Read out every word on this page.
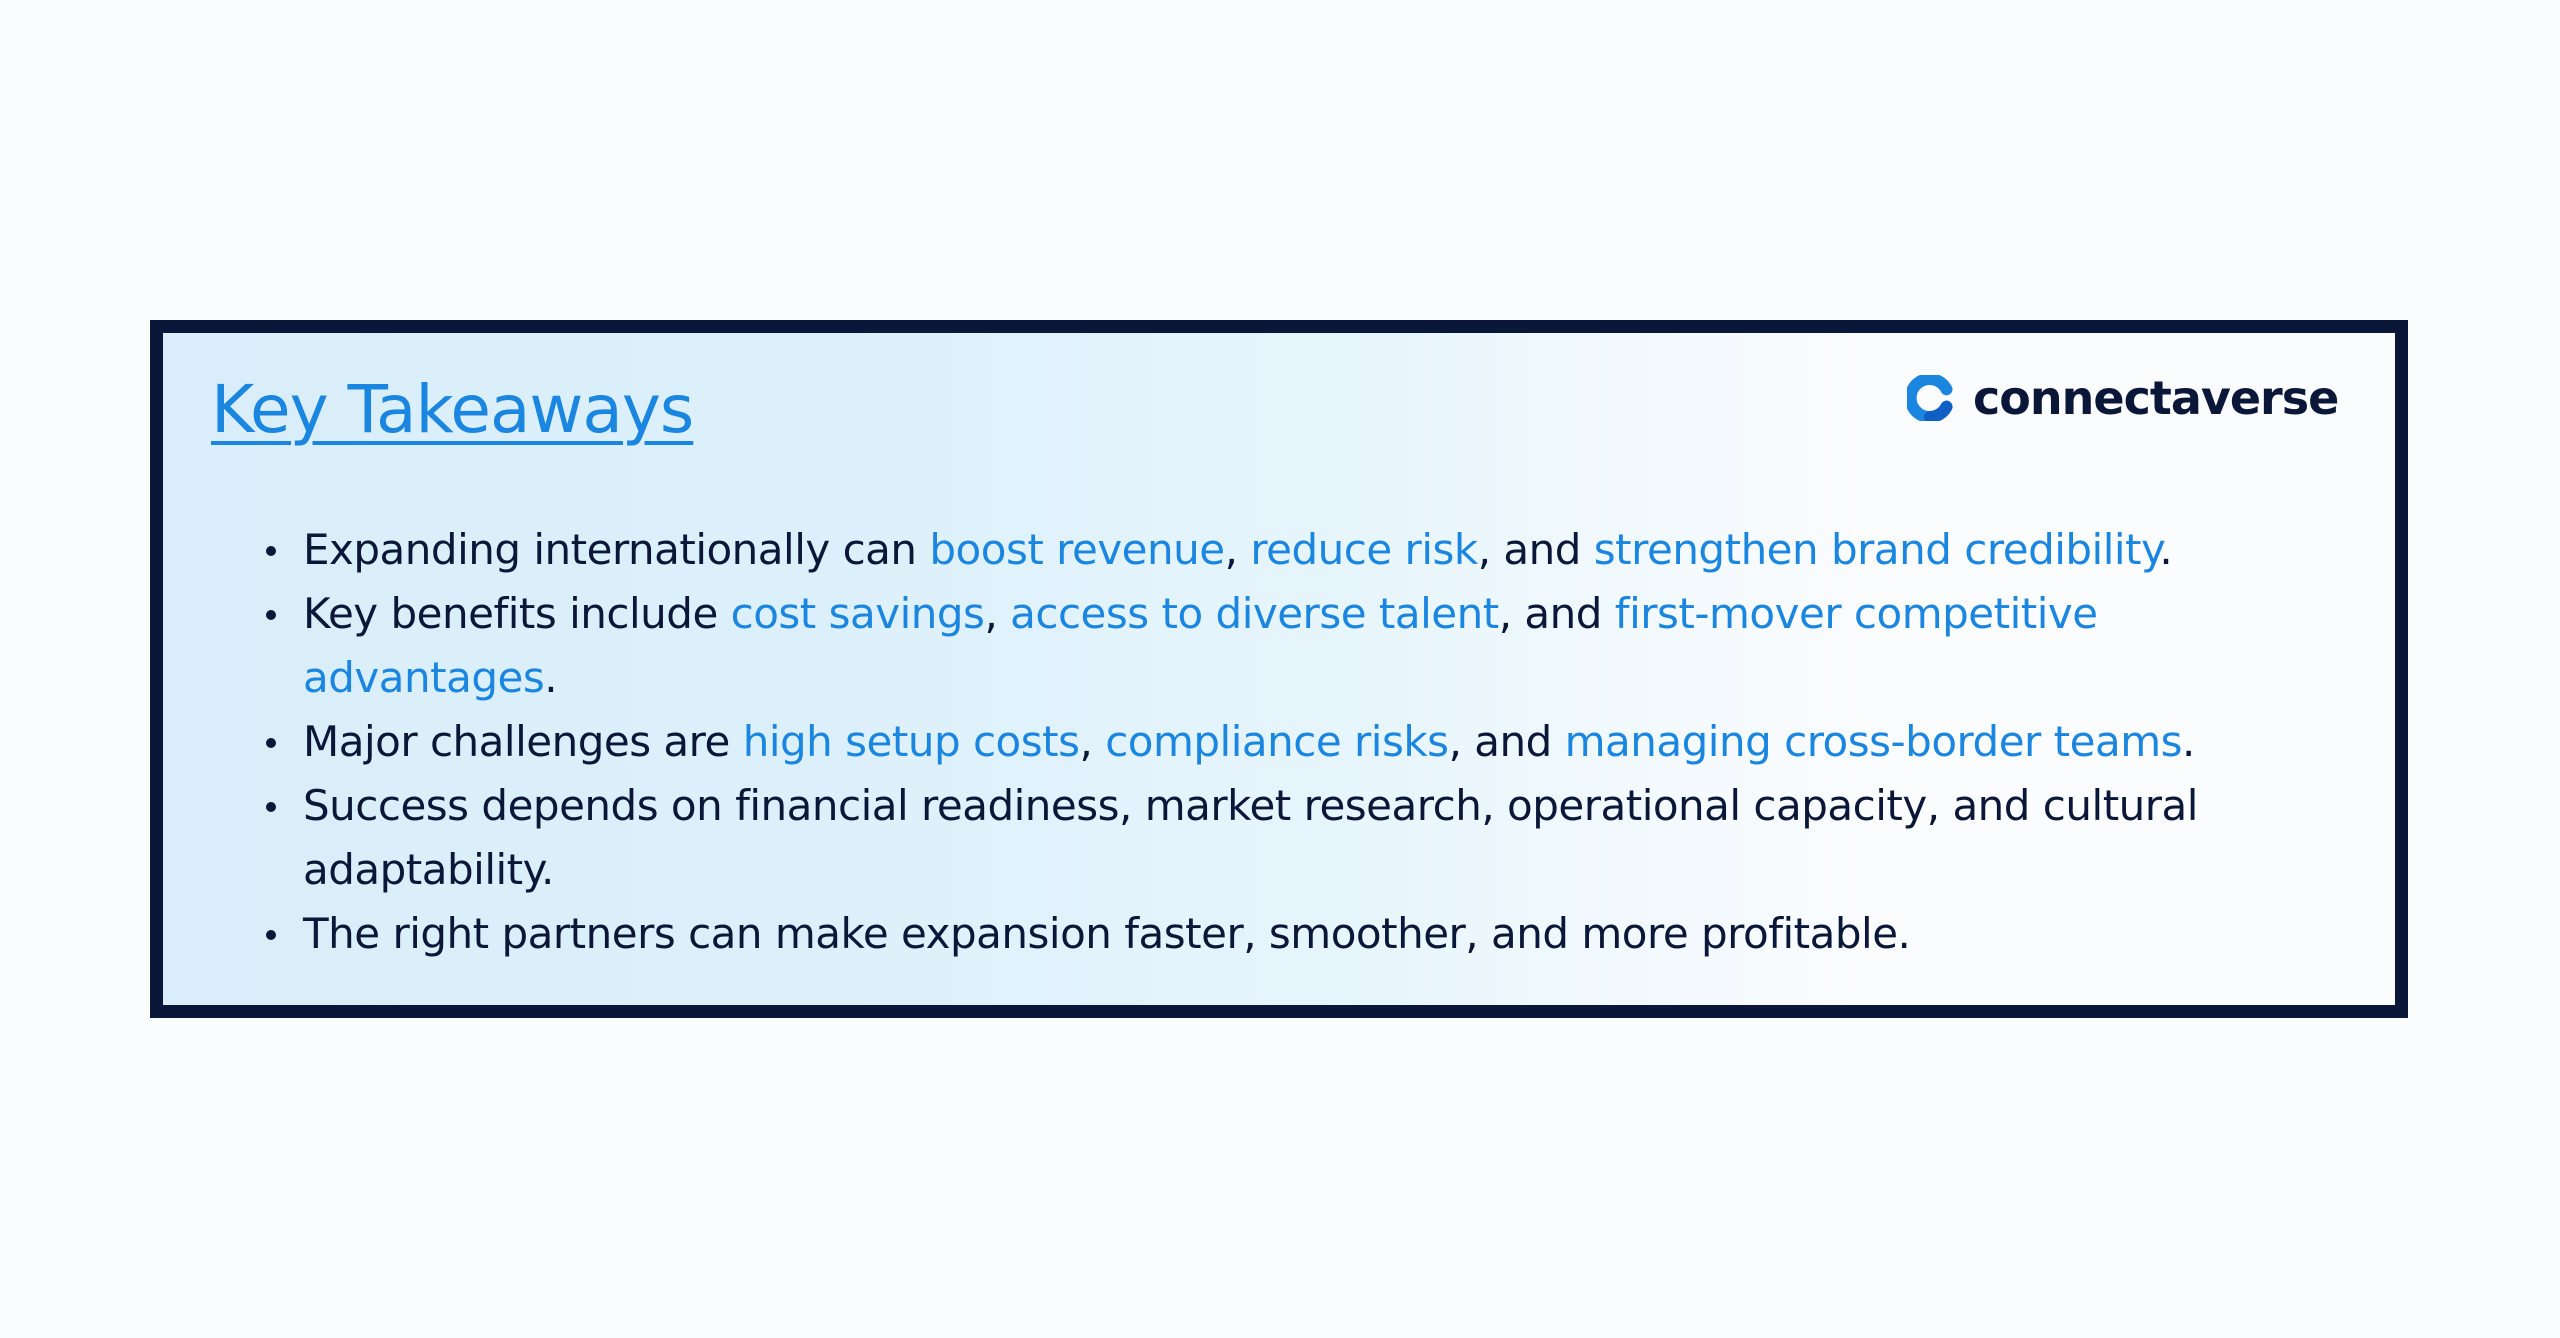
Key Takeaways	connectaverse
Expanding internationally can boost revenue, reduce risk, and strengthen brand credibility.
Key benefits include cost savings, access to diverse talent, and first-mover competitive advantages.
Major challenges are high setup costs, compliance risks, and managing cross-border teams.
Success depends on financial readiness, market research, operational capacity, and cultural adaptability.
The right partners can make expansion faster, smoother, and more profitable.
